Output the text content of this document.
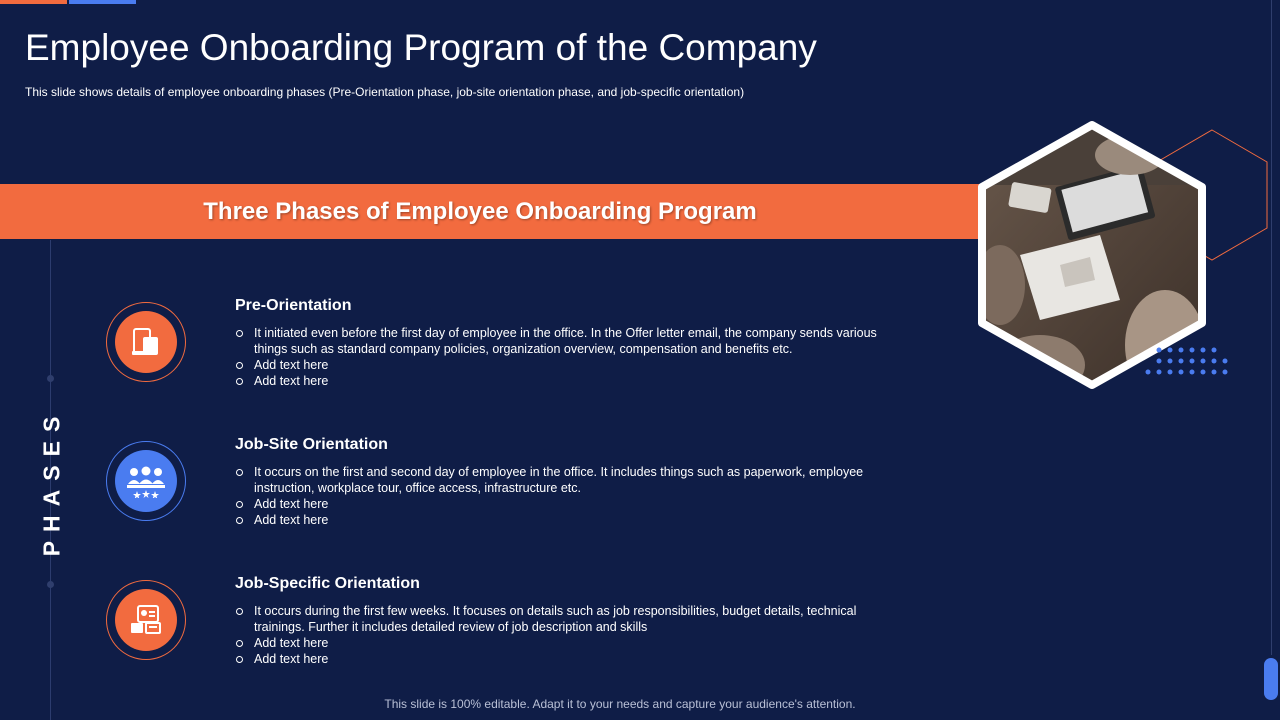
Employee Onboarding Program of the Company
This slide shows details of employee onboarding phases (Pre-Orientation phase, job-site orientation phase, and job-specific orientation)
Three Phases of Employee Onboarding Program
PHASES
Pre-Orientation
It initiated even before the first day of employee in the office. In the Offer letter email, the company sends various things such as standard company policies, organization overview, compensation and benefits etc.
Add text here
Add text here
Job-Site Orientation
It occurs on the first and second day of employee in the office. It includes things such as paperwork, employee instruction, workplace tour, office access, infrastructure etc.
Add text here
Add text here
Job-Specific Orientation
It occurs during the first few weeks. It focuses on details such as job responsibilities, budget details, technical trainings. Further it includes detailed review of job description and skills
Add text here
Add text here
This slide is 100% editable. Adapt it to your needs and capture your audience's attention.
